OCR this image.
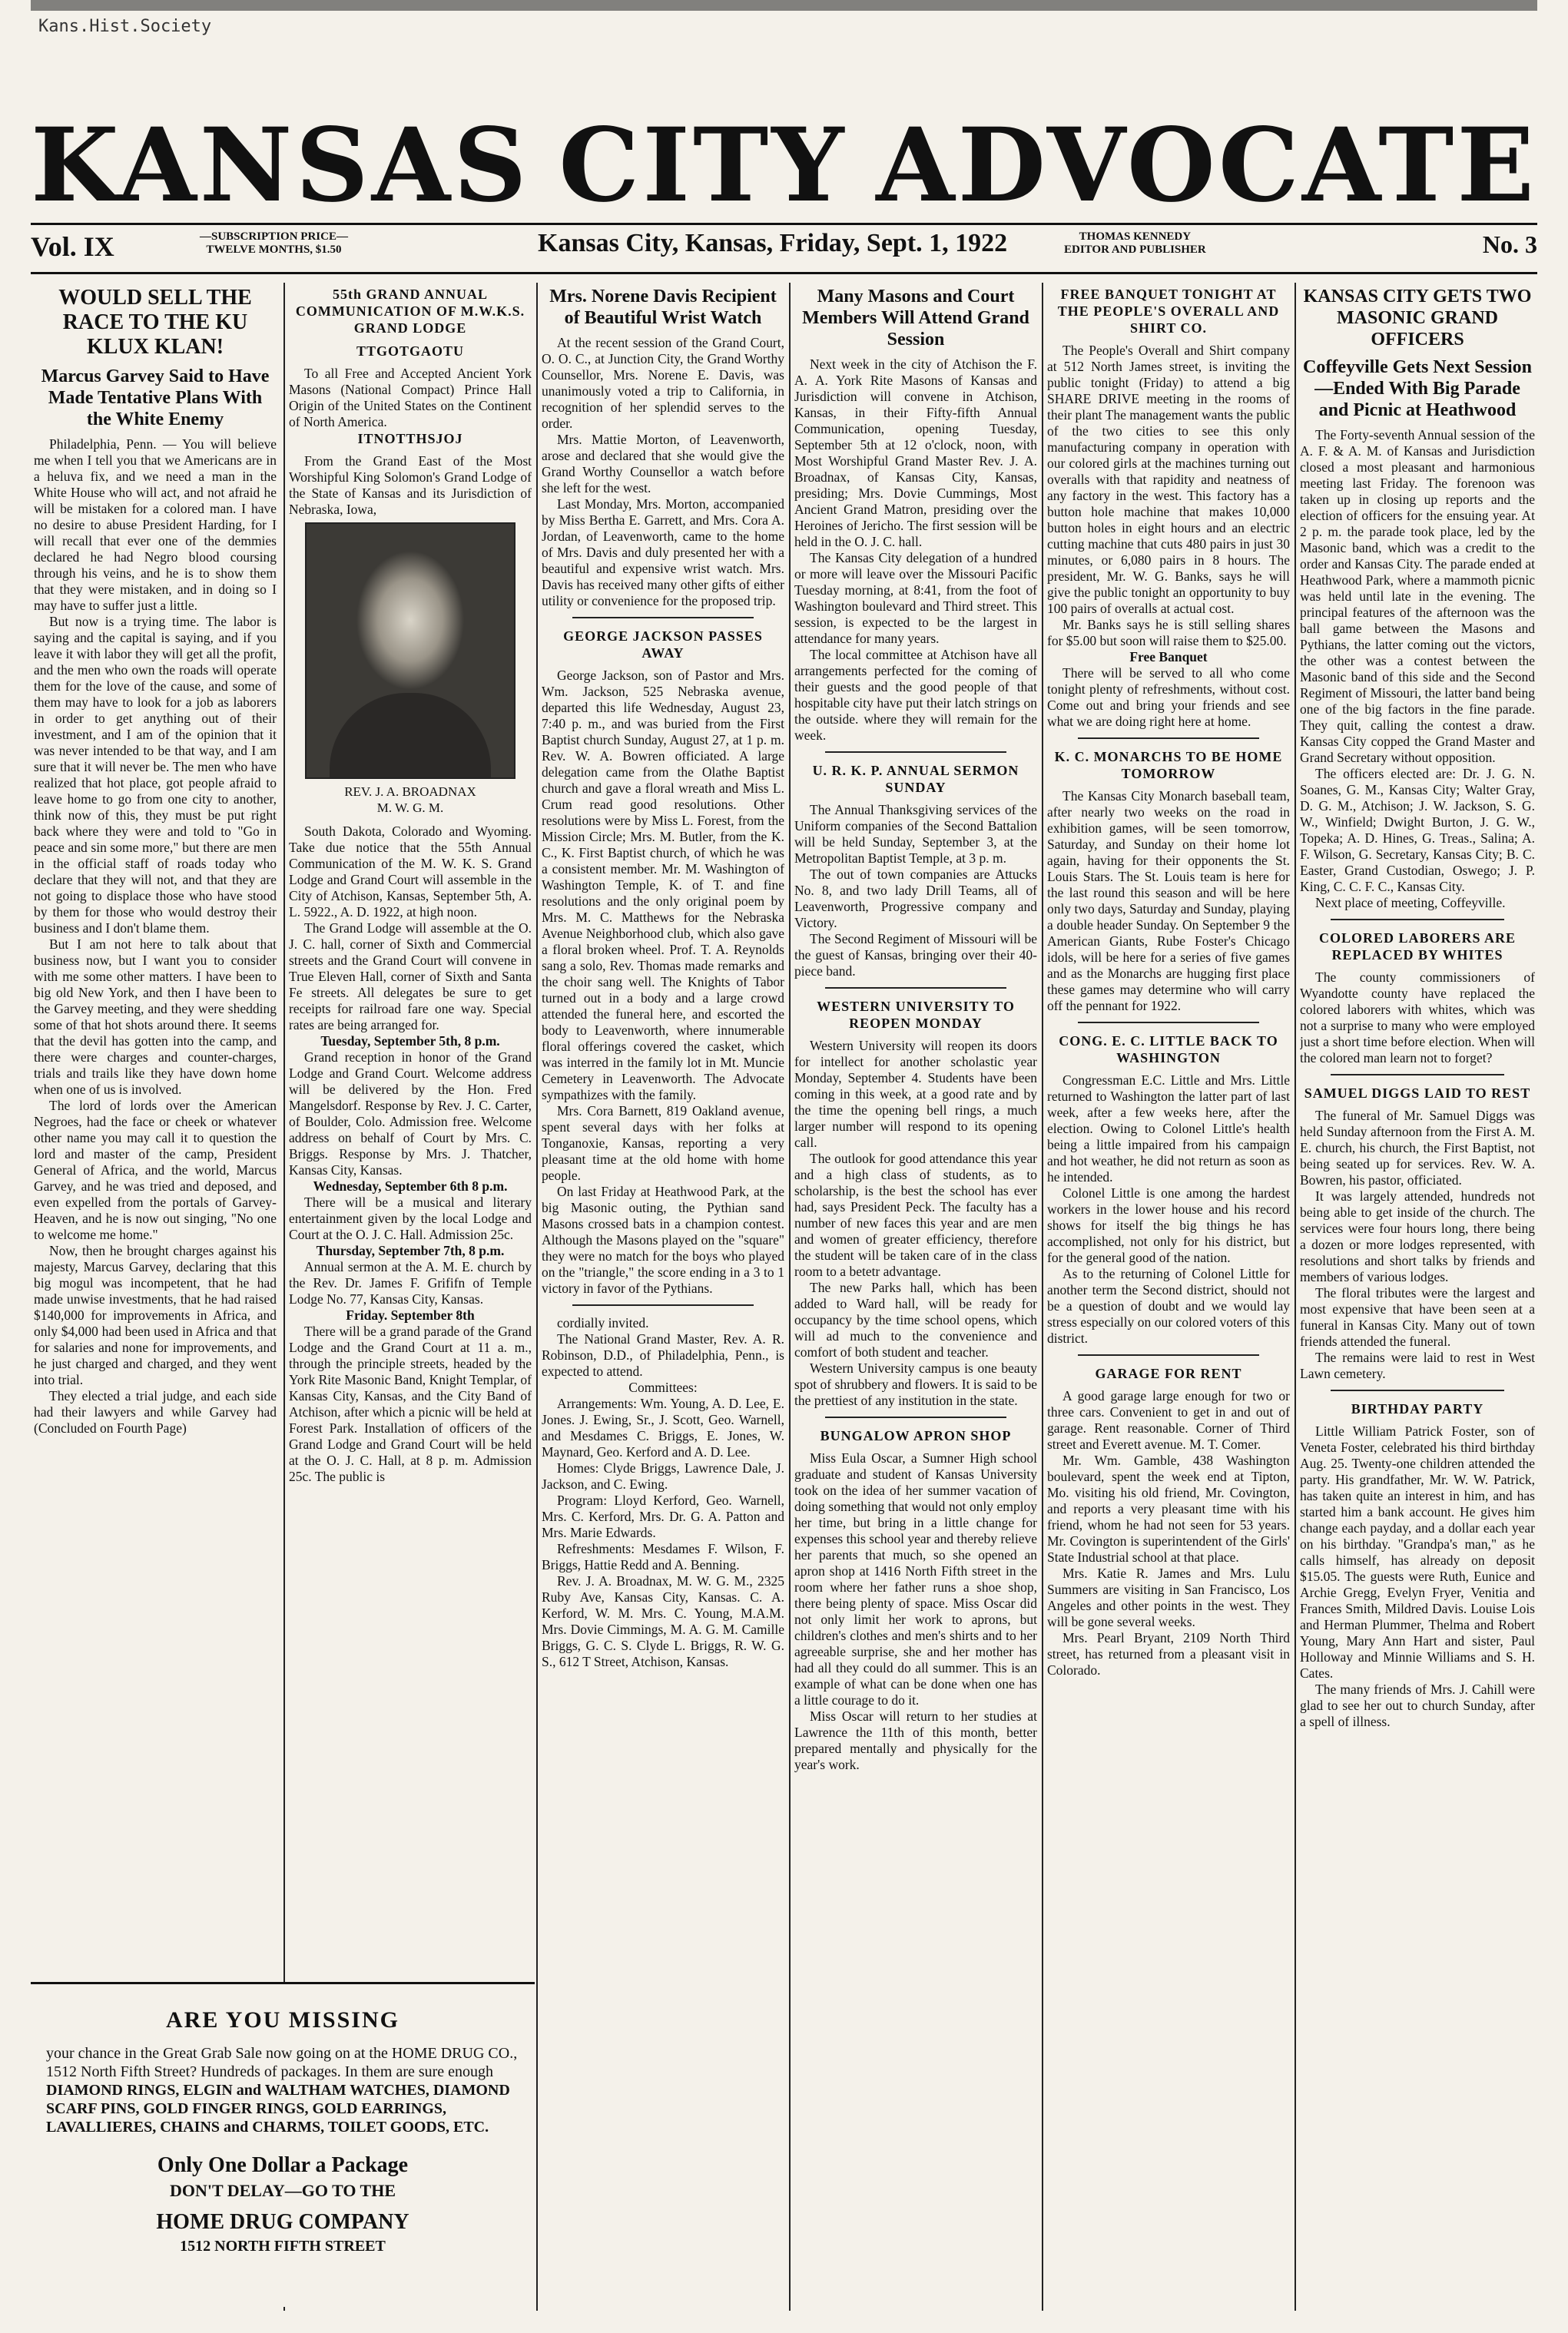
Kans.Hist.Society
KANSAS CITY ADVOCATE
Vol. IX	—SUBSCRIPTION PRICE—
TWELVE MONTHS, $1.50	Kansas City, Kansas, Friday, Sept. 1, 1922	THOMAS KENNEDY
EDITOR AND PUBLISHER	No. 3
WOULD SELL THE RACE TO THE KU KLUX KLAN!
Marcus Garvey Said to Have Made Tentative Plans With the White Enemy

Philadelphia, Penn. — You will believe me when I tell you that we Americans are in a heluva fix, and we need a man in the White House who will act, and not afraid he will be mistaken for a colored man. I have no desire to abuse President Harding, for I will recall that ever one of the demmies declared he had Negro blood coursing through his veins, and he is to show them that they were mistaken, and in doing so I may have to suffer just a little.

But now is a trying time. The labor is saying and the capital is saying, and if you leave it with labor they will get all the profit, and the men who own the roads will operate them for the love of the cause, and some of them may have to look for a job as laborers in order to get anything out of their investment, and I am of the opinion that it was never intended to be that way, and I am sure that it will never be. The men who have realized that hot place, got people afraid to leave home to go from one city to another, think now of this, they must be put right back where they were and told to "Go in peace and sin some more," but there are men in the official staff of roads today who declare that they will not, and that they are not going to displace those who have stood by them for those who would destroy their business and I don't blame them.

But I am not here to talk about that business now, but I want you to consider with me some other matters. I have been to big old New York, and then I have been to the Garvey meeting, and they were shedding some of that hot shots around there. It seems that the devil has gotten into the camp, and there were charges and counter-charges, trials and trails like they have down home when one of us is involved.

The lord of lords over the American Negroes, had the face or cheek or whatever other name you may call it to question the lord and master of the camp, President General of Africa, and the world, Marcus Garvey, and he was tried and deposed, and even expelled from the portals of Garvey-Heaven, and he is now out singing, "No one to welcome me home."

Now, then he brought charges against his majesty, Marcus Garvey, declaring that this big mogul was incompetent, that he had made unwise investments, that he had raised $140,000 for improvements in Africa, and only $4,000 had been used in Africa and that for salaries and none for improvements, and he just charged and charged, and they went into trial.

They elected a trial judge, and each side had their lawyers and while Garvey had (Concluded on Fourth Page)

55th GRAND ANNUAL COMMUNICATION OF M.W.K.S. GRAND LODGE
TTGOTGAOTU

To all Free and Accepted Ancient York Masons (National Compact) Prince Hall Origin of the United States on the Continent of North America.

ITNOTTHSJOJ

From the Grand East of the Most Worshipful King Solomon's Grand Lodge of the State of Kansas and its Jurisdiction of Nebraska, Iowa,

REV. J. A. BROADNAX
M. W. G. M.

South Dakota, Colorado and Wyoming. Take due notice that the 55th Annual Communication of the M. W. K. S. Grand Lodge and Grand Court will assemble in the City of Atchison, Kansas, September 5th, A. L. 5922., A. D. 1922, at high noon.

The Grand Lodge will assemble at the O. J. C. hall, corner of Sixth and Commercial streets and the Grand Court will convene in True Eleven Hall, corner of Sixth and Santa Fe streets. All delegates be sure to get receipts for railroad fare one way. Special rates are being arranged for.

Tuesday, September 5th, 8 p.m.

Grand reception in honor of the Grand Lodge and Grand Court. Welcome address will be delivered by the Hon. Fred Mangelsdorf. Response by Rev. J. C. Carter, of Boulder, Colo. Admission free. Welcome address on behalf of Court by Mrs. C. Briggs. Response by Mrs. J. Thatcher, Kansas City, Kansas.

Wednesday, September 6th 8 p.m.

There will be a musical and literary entertainment given by the local Lodge and Court at the O. J. C. Hall. Admission 25c.

Thursday, September 7th, 8 p.m.

Annual sermon at the A. M. E. church by the Rev. Dr. James F. Grififn of Temple Lodge No. 77, Kansas City, Kansas.

Friday. September 8th

There will be a grand parade of the Grand Lodge and the Grand Court at 11 a. m., through the principle streets, headed by the York Rite Masonic Band, Knight Templar, of Kansas City, Kansas, and the City Band of Atchison, after which a picnic will be held at Forest Park. Installation of officers of the Grand Lodge and Grand Court will be held at the O. J. C. Hall, at 8 p. m. Admission 25c. The public is

Mrs. Norene Davis Recipient of Beautiful Wrist Watch

At the recent session of the Grand Court, O. O. C., at Junction City, the Grand Worthy Counsellor, Mrs. Norene E. Davis, was unanimously voted a trip to California, in recognition of her splendid serves to the order.

Mrs. Mattie Morton, of Leavenworth, arose and declared that she would give the Grand Worthy Counsellor a watch before she left for the west.

Last Monday, Mrs. Morton, accompanied by Miss Bertha E. Garrett, and Mrs. Cora A. Jordan, of Leavenworth, came to the home of Mrs. Davis and duly presented her with a beautiful and expensive wrist watch. Mrs. Davis has received many other gifts of either utility or convenience for the proposed trip.

GEORGE JACKSON PASSES AWAY

George Jackson, son of Pastor and Mrs. Wm. Jackson, 525 Nebraska avenue, departed this life Wednesday, August 23, 7:40 p. m., and was buried from the First Baptist church Sunday, August 27, at 1 p. m. Rev. W. A. Bowren officiated. A large delegation came from the Olathe Baptist church and gave a floral wreath and Miss L. Crum read good resolutions. Other resolutions were by Miss L. Forest, from the Mission Circle; Mrs. M. Butler, from the K. C., K. First Baptist church, of which he was a consistent member. Mr. M. Washington of Washington Temple, K. of T. and fine resolutions and the only original poem by Mrs. M. C. Matthews for the Nebraska Avenue Neighborhood club, which also gave a floral broken wheel. Prof. T. A. Reynolds sang a solo, Rev. Thomas made remarks and the choir sang well. The Knights of Tabor turned out in a body and a large crowd attended the funeral here, and escorted the body to Leavenworth, where innumerable floral offerings covered the casket, which was interred in the family lot in Mt. Muncie Cemetery in Leavenworth. The Advocate sympathizes with the family.

Mrs. Cora Barnett, 819 Oakland avenue, spent several days with her folks at Tonganoxie, Kansas, reporting a very pleasant time at the old home with home people.

On last Friday at Heathwood Park, at the big Masonic outing, the Pythian sand Masons crossed bats in a champion contest. Although the Masons played on the "square" they were no match for the boys who played on the "triangle," the score ending in a 3 to 1 victory in favor of the Pythians.

cordially invited.

The National Grand Master, Rev. A. R. Robinson, D.D., of Philadelphia, Penn., is expected to attend.

Committees:

Arrangements: Wm. Young, A. D. Lee, E. Jones. J. Ewing, Sr., J. Scott, Geo. Warnell, and Mesdames C. Briggs, E. Jones, W. Maynard, Geo. Kerford and A. D. Lee.

Homes: Clyde Briggs, Lawrence Dale, J. Jackson, and C. Ewing.

Program: Lloyd Kerford, Geo. Warnell, Mrs. C. Kerford, Mrs. Dr. G. A. Patton and Mrs. Marie Edwards.

Refreshments: Mesdames F. Wilson, F. Briggs, Hattie Redd and A. Benning.

Rev. J. A. Broadnax, M. W. G. M., 2325 Ruby Ave, Kansas City, Kansas. C. A. Kerford, W. M. Mrs. C. Young, M.A.M. Mrs. Dovie Cimmings, M. A. G. M. Camille Briggs, G. C. S. Clyde L. Briggs, R. W. G. S., 612 T Street, Atchison, Kansas.

Many Masons and Court Members Will Attend Grand Session

Next week in the city of Atchison the F. A. A. York Rite Masons of Kansas and Jurisdiction will convene in Atchison, Kansas, in their Fifty-fifth Annual Communication, opening Tuesday, September 5th at 12 o'clock, noon, with Most Worshipful Grand Master Rev. J. A. Broadnax, of Kansas City, Kansas, presiding; Mrs. Dovie Cummings, Most Ancient Grand Matron, presiding over the Heroines of Jericho. The first session will be held in the O. J. C. hall.

The Kansas City delegation of a hundred or more will leave over the Missouri Pacific Tuesday morning, at 8:41, from the foot of Washington boulevard and Third street. This session, is expected to be the largest in attendance for many years.

The local committee at Atchison have all arrangements perfected for the coming of their guests and the good people of that hospitable city have put their latch strings on the outside. where they will remain for the week.

U. R. K. P. ANNUAL SERMON SUNDAY

The Annual Thanksgiving services of the Uniform companies of the Second Battalion will be held Sunday, September 3, at the Metropolitan Baptist Temple, at 3 p. m.

The out of town companies are Attucks No. 8, and two lady Drill Teams, all of Leavenworth, Progressive company and Victory.

The Second Regiment of Missouri will be the guest of Kansas, bringing over their 40-piece band.

WESTERN UNIVERSITY TO REOPEN MONDAY

Western University will reopen its doors for intellect for another scholastic year Monday, September 4. Students have been coming in this week, at a good rate and by the time the opening bell rings, a much larger number will respond to its opening call.

The outlook for good attendance this year and a high class of students, as to scholarship, is the best the school has ever had, says President Peck. The faculty has a number of new faces this year and are men and women of greater efficiency, therefore the student will be taken care of in the class room to a betetr advantage.

The new Parks hall, which has been added to Ward hall, will be ready for occupancy by the time school opens, which will ad much to the convenience and comfort of both student and teacher.

Western University campus is one beauty spot of shrubbery and flowers. It is said to be the prettiest of any institution in the state.

BUNGALOW APRON SHOP

Miss Eula Oscar, a Sumner High school graduate and student of Kansas University took on the idea of her summer vacation of doing something that would not only employ her time, but bring in a little change for expenses this school year and thereby relieve her parents that much, so she opened an apron shop at 1416 North Fifth street in the room where her father runs a shoe shop, there being plenty of space. Miss Oscar did not only limit her work to aprons, but children's clothes and men's shirts and to her agreeable surprise, she and her mother has had all they could do all summer. This is an example of what can be done when one has a little courage to do it.

Miss Oscar will return to her studies at Lawrence the 11th of this month, better prepared mentally and physically for the year's work.

FREE BANQUET TONIGHT AT THE PEOPLE'S OVERALL AND SHIRT CO.

The People's Overall and Shirt company at 512 North James street, is inviting the public tonight (Friday) to attend a big SHARE DRIVE meeting in the rooms of their plant The management wants the public of the two cities to see this only manufacturing company in operation with our colored girls at the machines turning out overalls with that rapidity and neatness of any factory in the west. This factory has a button hole machine that makes 10,000 button holes in eight hours and an electric cutting machine that cuts 480 pairs in just 30 minutes, or 6,080 pairs in 8 hours. The president, Mr. W. G. Banks, says he will give the public tonight an opportunity to buy 100 pairs of overalls at actual cost.

Mr. Banks says he is still selling shares for $5.00 but soon will raise them to $25.00.

Free Banquet

There will be served to all who come tonight plenty of refreshments, without cost. Come out and bring your friends and see what we are doing right here at home.

K. C. MONARCHS TO BE HOME TOMORROW

The Kansas City Monarch baseball team, after nearly two weeks on the road in exhibition games, will be seen tomorrow, Saturday, and Sunday on their home lot again, having for their opponents the St. Louis Stars. The St. Louis team is here for the last round this season and will be here only two days, Saturday and Sunday, playing a double header Sunday. On September 9 the American Giants, Rube Foster's Chicago idols, will be here for a series of five games and as the Monarchs are hugging first place these games may determine who will carry off the pennant for 1922.

CONG. E. C. LITTLE BACK TO WASHINGTON

Congressman E.C. Little and Mrs. Little returned to Washington the latter part of last week, after a few weeks here, after the election. Owing to Colonel Little's health being a little impaired from his campaign and hot weather, he did not return as soon as he intended.

Colonel Little is one among the hardest workers in the lower house and his record shows for itself the big things he has accomplished, not only for his district, but for the general good of the nation.

As to the returning of Colonel Little for another term the Second district, should not be a question of doubt and we would lay stress especially on our colored voters of this district.

GARAGE FOR RENT

A good garage large enough for two or three cars. Convenient to get in and out of garage. Rent reasonable. Corner of Third street and Everett avenue. M. T. Comer.

Mr. Wm. Gamble, 438 Washington boulevard, spent the week end at Tipton, Mo. visiting his old friend, Mr. Covington, and reports a very pleasant time with his friend, whom he had not seen for 53 years. Mr. Covington is superintendent of the Girls' State Industrial school at that place.

Mrs. Katie R. James and Mrs. Lulu Summers are visiting in San Francisco, Los Angeles and other points in the west. They will be gone several weeks.

Mrs. Pearl Bryant, 2109 North Third street, has returned from a pleasant visit in Colorado.

KANSAS CITY GETS TWO MASONIC GRAND OFFICERS
Coffeyville Gets Next Session—Ended With Big Parade and Picnic at Heathwood

The Forty-seventh Annual session of the A. F. & A. M. of Kansas and Jurisdiction closed a most pleasant and harmonious meeting last Friday. The forenoon was taken up in closing up reports and the election of officers for the ensuing year. At 2 p. m. the parade took place, led by the Masonic band, which was a credit to the order and Kansas City. The parade ended at Heathwood Park, where a mammoth picnic was held until late in the evening. The principal features of the afternoon was the ball game between the Masons and Pythians, the latter coming out the victors, the other was a contest between the Masonic band of this side and the Second Regiment of Missouri, the latter band being one of the big factors in the fine parade. They quit, calling the contest a draw. Kansas City copped the Grand Master and Grand Secretary without opposition.

The officers elected are: Dr. J. G. N. Soanes, G. M., Kansas City; Walter Gray, D. G. M., Atchison; J. W. Jackson, S. G. W., Winfield; Dwight Burton, J. G. W., Topeka; A. D. Hines, G. Treas., Salina; A. F. Wilson, G. Secretary, Kansas City; B. C. Easter, Grand Custodian, Oswego; J. P. King, C. C. F. C., Kansas City.

Next place of meeting, Coffeyville.

COLORED LABORERS ARE REPLACED BY WHITES

The county commissioners of Wyandotte county have replaced the colored laborers with whites, which was not a surprise to many who were employed just a short time before election. When will the colored man learn not to forget?

SAMUEL DIGGS LAID TO REST

The funeral of Mr. Samuel Diggs was held Sunday afternoon from the First A. M. E. church, his church, the First Baptist, not being seated up for services. Rev. W. A. Bowren, his pastor, officiated.

It was largely attended, hundreds not being able to get inside of the church. The services were four hours long, there being a dozen or more lodges represented, with resolutions and short talks by friends and members of various lodges.

The floral tributes were the largest and most expensive that have been seen at a funeral in Kansas City. Many out of town friends attended the funeral.

The remains were laid to rest in West Lawn cemetery.

BIRTHDAY PARTY

Little William Patrick Foster, son of Veneta Foster, celebrated his third birthday Aug. 25. Twenty-one children attended the party. His grandfather, Mr. W. W. Patrick, has taken quite an interest in him, and has started him a bank account. He gives him change each payday, and a dollar each year on his birthday. "Grandpa's man," as he calls himself, has already on deposit $15.05. The guests were Ruth, Eunice and Archie Gregg, Evelyn Fryer, Venitia and Frances Smith, Mildred Davis. Louise Lois and Herman Plummer, Thelma and Robert Young, Mary Ann Hart and sister, Paul Holloway and Minnie Williams and S. H. Cates.

The many friends of Mrs. J. Cahill were glad to see her out to church Sunday, after a spell of illness.

ARE YOU MISSING
your chance in the Great Grab Sale now going on at the HOME DRUG CO., 1512 North Fifth Street? Hundreds of packages. In them are sure enough DIAMOND RINGS, ELGIN and WALTHAM WATCHES, DIAMOND SCARF PINS, GOLD FINGER RINGS, GOLD EARRINGS, LAVALLIERES, CHAINS and CHARMS, TOILET GOODS, ETC.
Only One Dollar a Package
DON'T DELAY—GO TO THE
HOME DRUG COMPANY
1512 NORTH FIFTH STREET
